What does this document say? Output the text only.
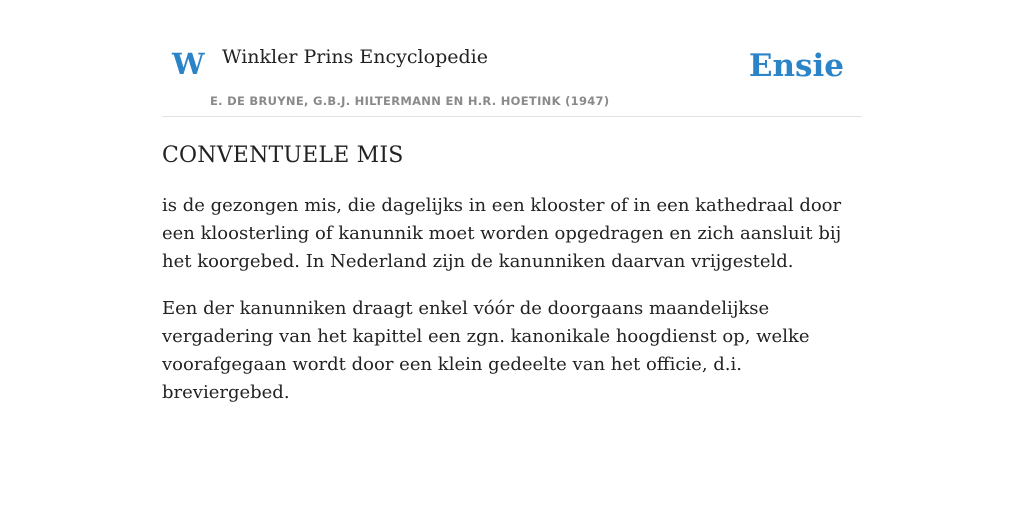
W Winkler Prins Encyclopedie
E. DE BRUYNE, G.B.J. HILTERMANN EN H.R. HOETINK (1947)
Ensie
CONVENTUELE MIS

is de gezongen mis, die dagelijks in een klooster of in een kathedraal door een kloosterling of kanunnik moet worden opgedragen en zich aansluit bij het koorgebed. In Nederland zijn de kanunniken daarvan vrijgesteld.

Een der kanunniken draagt enkel vóór de doorgaans maandelijkse vergadering van het kapittel een zgn. kanonikale hoogdienst op, welke voorafgegaan wordt door een klein gedeelte van het officie, d.i. breviergebed.
